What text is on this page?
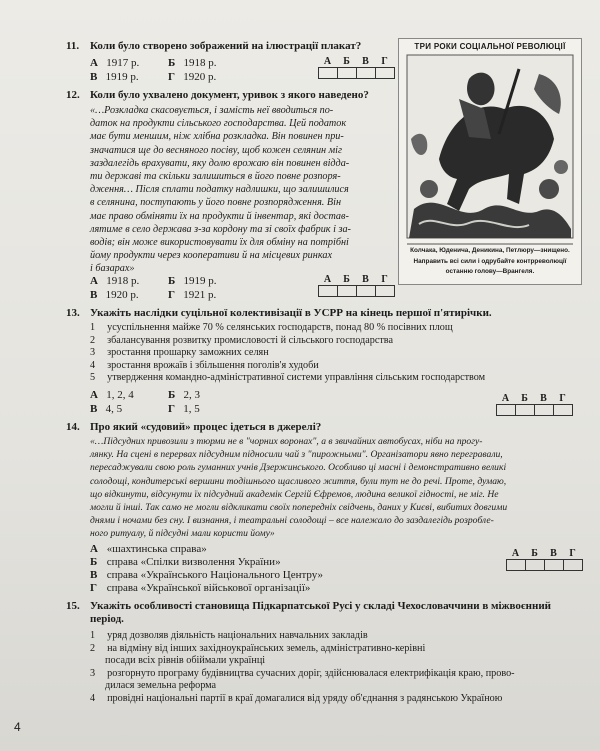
11. Коли було створено зображений на ілюстрації плакат?
А 1917 р.	Б 1918 р.
В 1919 р.	Г 1920 р.
А	Б	В	Г
ТРИ РОКИ СОЦІАЛЬНОЇ РЕВОЛЮЦІЇ
Колчака, Юденича, Деникина, Петлюру—знищено.
Направить всі сили і одрубайте контрреволюції
останню голову—Врангеля.
12. Коли було ухвалено документ, уривок з якого наведено?
«…Розкладка скасовується, і замість неї вводиться по-
даток на продукти сільського господарства. Цей податок
має бути меншим, ніж хлібна розкладка. Він повинен при-
значатися ще до весняного посіву, щоб кожен селянин міг
заздалегідь врахувати, яку долю врожаю він повинен відда-
ти державі та скільки залишиться в його повне розпоря-
дження… Після сплати податку надлишки, що залишилися
в селянина, поступають у його повне розпорядження. Він
має право обміняти їх на продукти й інвентар, які достав-
лятиме в село держава з-за кордону та зі своїх фабрик і за-
водів; він може використовувати їх для обміну на потрібні
йому продукти через кооперативи й на місцевих ринках
і базарах»
А 1918 р.	Б 1919 р.
В 1920 р.	Г 1921 р.
А	Б	В	Г
13. Укажіть наслідки суцільної колективізації в УСРР на кінець першої п'ятирічки.
1 усуспільнення майже 70 % селянських господарств, понад 80 % посівних площ
2 збалансування розвитку промисловості й сільського господарства
3 зростання прошарку заможних селян
4 зростання врожаїв і збільшення поголів'я худоби
5 утвердження командно-адміністративної системи управління сільським господарством
А 1, 2, 4	Б 2, 3
В 4, 5	Г 1, 5
А	Б	В	Г
14. Про який «судовий» процес ідеться в джерелі?
«…Підсудних привозили з тюрми не в "чорних воронах", а в звичайних автобусах, ніби на прогу-
лянку. На сцені в перервах підсудним підносили чай з "пирожными". Організатори явно перегравали,
пересаджували свою роль гуманних учнів Дзержинського. Особливо ці масні і демонстративно великі
солодощі, кондитерські вершини тодішнього щасливого життя, були тут не до речі. Проте, думаю,
що відкинути, відсунути їх підсудний академік Сергій Єфремов, людина великої гідності, не міг. Не
могли й інші. Так само не могли відкликати своїх попередніх свідчень, даних у Києві, вибитих довгими
днями і ночами без сну. І визнання, і театральні солодощі – все належало до заздалегідь розробле-
ного ритуалу, й підсудні мали користи йому»
А «шахтинська справа»
Б справа «Спілки визволення України»
В справа «Українського Національного Центру»
Г справа «Української військової організації»
А	Б	В	Г
15. Укажіть особливості становища Підкарпатської Русі у складі Чехословаччини в міжвоєнний
період.
1 уряд дозволяв діяльність національних навчальних закладів
2 на відміну від інших західноукраїнських земель, адміністративно-керівні
посади всіх рівнів обіймали українці
3 розгорнуто програму будівництва сучасних доріг, здійснювалася електрифікація краю, прово-
дилася земельна реформа
4 провідні національні партії в краї домагалися від уряду об'єднання з радянською Україною
4
